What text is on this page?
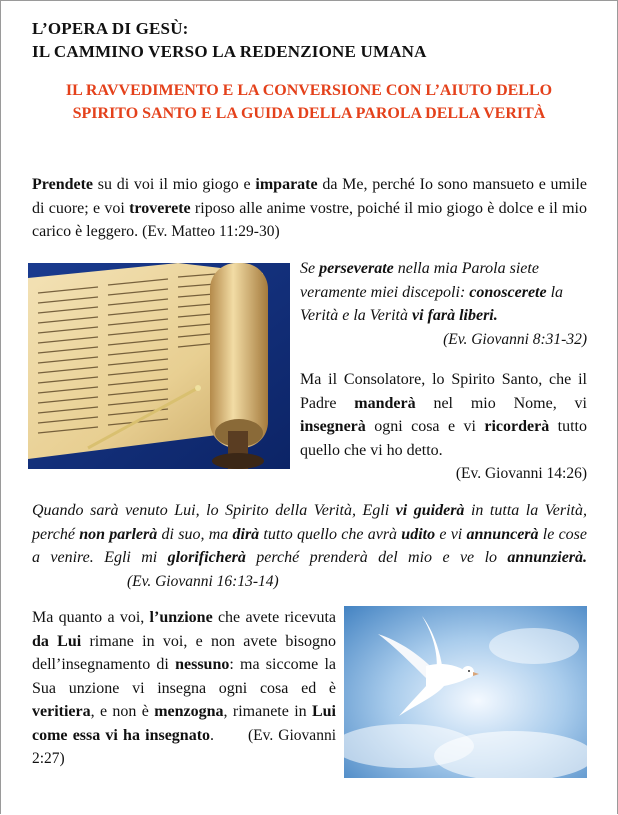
L’OPERA DI GESÙ:
IL CAMMINO VERSO LA REDENZIONE UMANA
IL RAVVEDIMENTO E LA CONVERSIONE CON L’AIUTO DELLO
SPIRITO SANTO E LA GUIDA DELLA PAROLA DELLA VERITÀ
Prendete su di voi il mio giogo e imparate da Me, perché Io sono mansueto e umile di cuore; e voi troverete riposo alle anime vostre, poiché il mio giogo è dolce e il mio carico è leggero. (Ev. Matteo 11:29-30)
Se perseverate nella mia Parola siete veramente miei discepoli: conoscerete la Verità e la Verità vi farà liberi.
(Ev. Giovanni 8:31-32)
Ma il Consolatore, lo Spirito Santo, che il Padre manderà nel mio Nome, vi insegnerà ogni cosa e vi ricorderà tutto quello che vi ho detto.
(Ev. Giovanni 14:26)
Quando sarà venuto Lui, lo Spirito della Verità, Egli vi guiderà in tutta la Verità, perché non parlerà di suo, ma dirà tutto quello che avrà udito e vi annuncerà le cose a venire. Egli mi glorificherà perché prenderà del mio e ve lo annunzierà.(Ev. Giovanni 16:13-14)
Ma quanto a voi, l’unzione che avete ricevuta da Lui rimane in voi, e non avete bisogno dell’insegnamento di nessuno: ma siccome la Sua unzione vi insegna ogni cosa ed è veritiera, e non è menzogna, rimanete in Lui come essa vi ha insegnato. (Ev. Giovanni 2:27)
